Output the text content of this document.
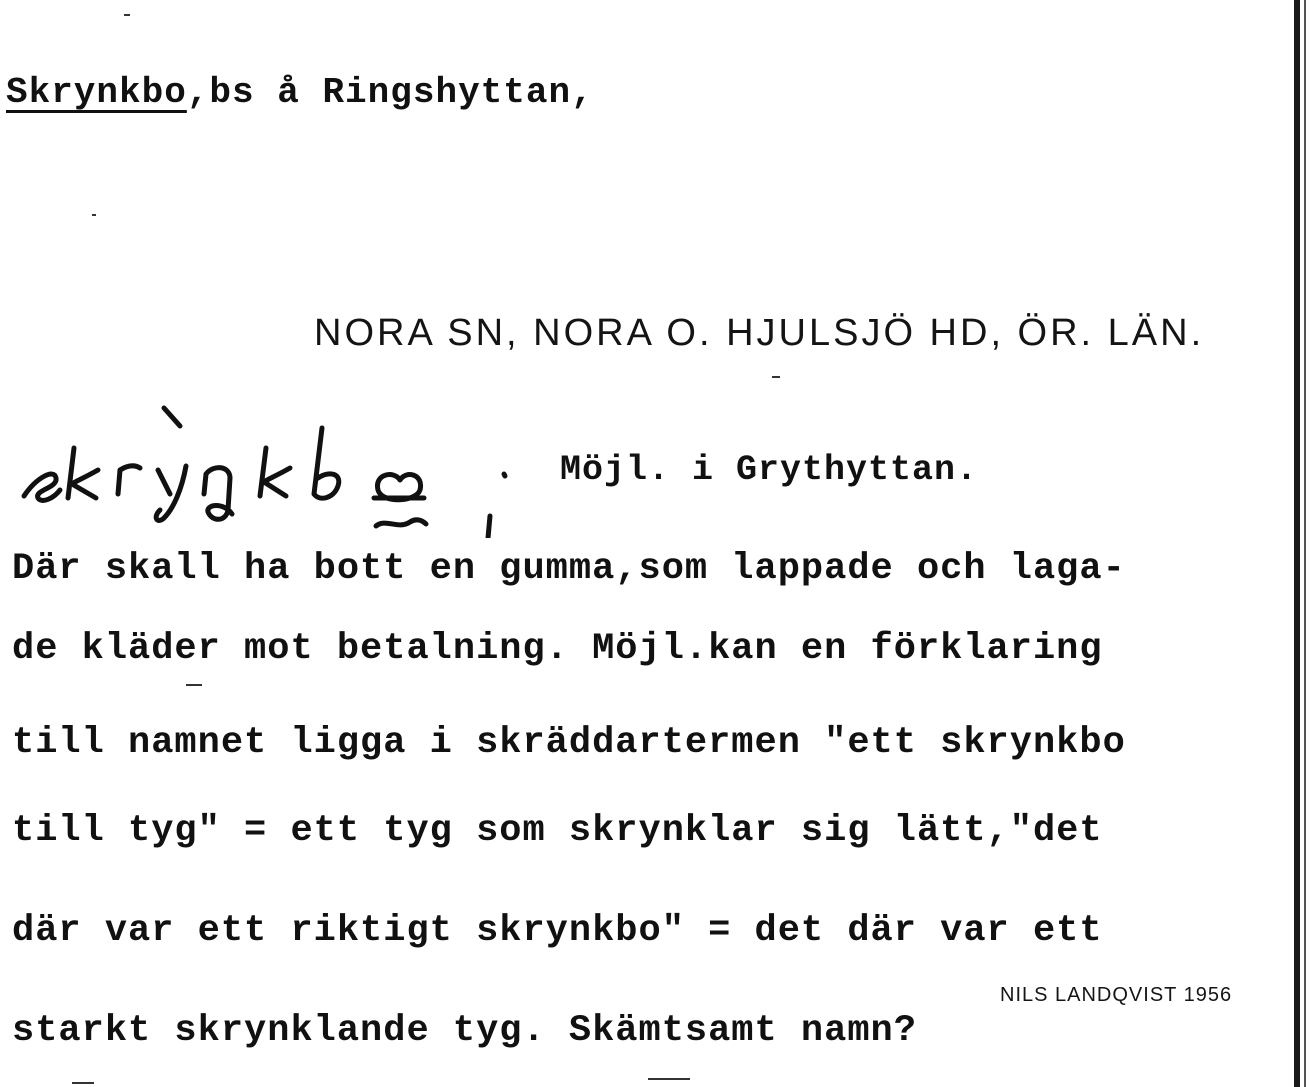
Skrynkbo,bs å Ringshyttan,
NORA SN, NORA O. HJULSJÖ HD, ÖR. LÄN.
Möjl. i Grythyttan.
Där skall ha bott en gumma,som lappade och laga-
de kläder mot betalning. Möjl.kan en förklaring
till namnet ligga i skräddartermen "ett skrynkbo
till tyg" = ett tyg som skrynklar sig lätt,"det
där var ett riktigt skrynkbo" = det där var ett
NILS LANDQVIST 1956
starkt skrynklande tyg. Skämtsamt namn?
